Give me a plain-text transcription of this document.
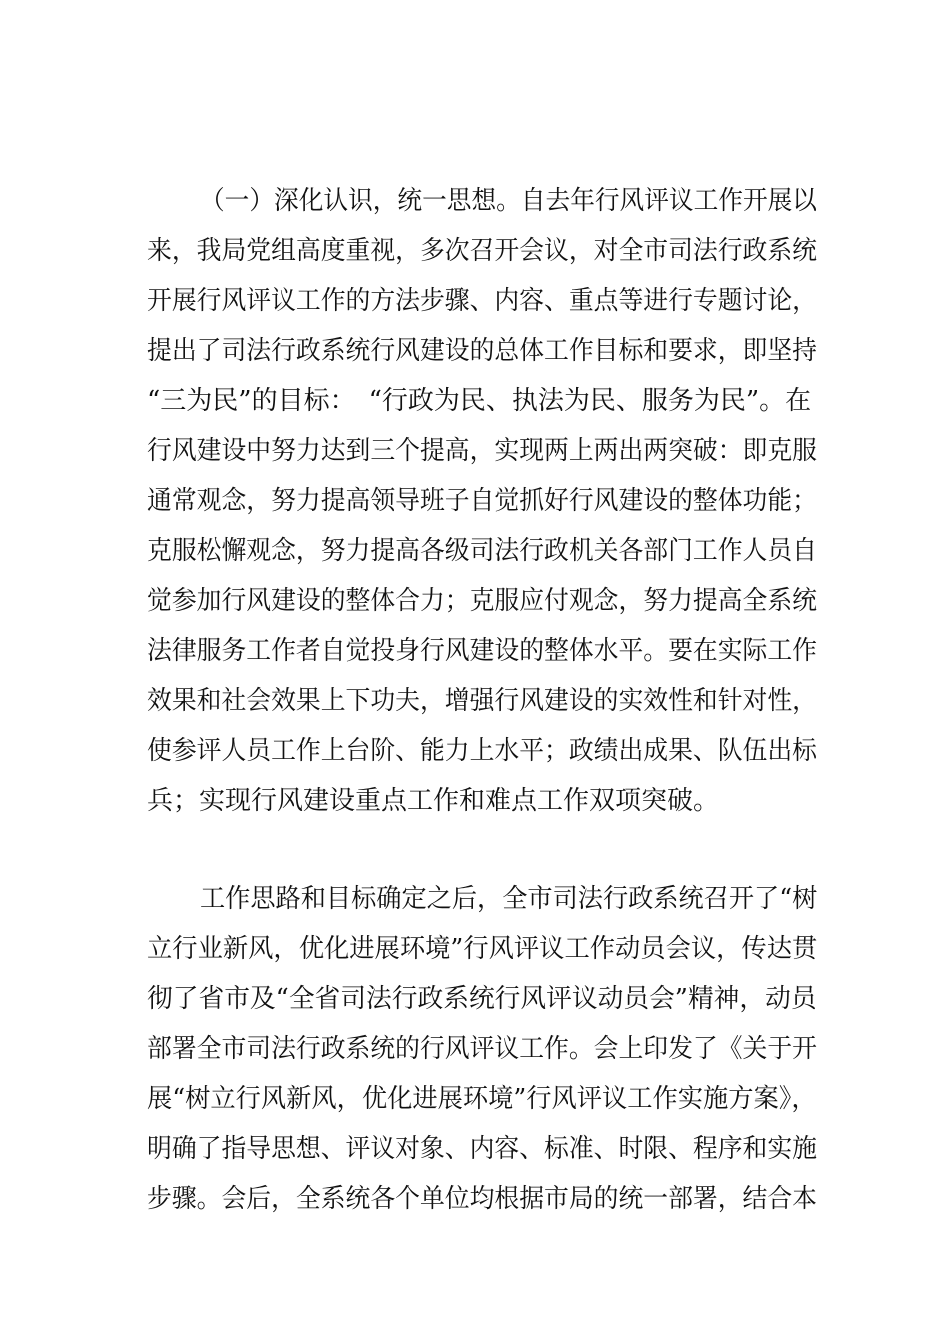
（一）深化认识，统一思想。自去年行风评议工作开展以
来，我局党组高度重视，多次召开会议，对全市司法行政系统
开展行风评议工作的方法步骤、内容、重点等进行专题讨论，
提出了司法行政系统行风建设的总体工作目标和要求，即坚持
“三为民”的目标：　“行政为民、执法为民、服务为民”。在
行风建设中努力达到三个提高，实现两上两出两突破：即克服
通常观念，努力提高领导班子自觉抓好行风建设的整体功能；
克服松懈观念，努力提高各级司法行政机关各部门工作人员自
觉参加行风建设的整体合力；克服应付观念，努力提高全系统
法律服务工作者自觉投身行风建设的整体水平。要在实际工作
效果和社会效果上下功夫，增强行风建设的实效性和针对性，
使参评人员工作上台阶、能力上水平；政绩出成果、队伍出标
兵；实现行风建设重点工作和难点工作双项突破。
工作思路和目标确定之后，全市司法行政系统召开了“树
立行业新风，优化进展环境”行风评议工作动员会议，传达贯
彻了省市及“全省司法行政系统行风评议动员会”精神，动员
部署全市司法行政系统的行风评议工作。会上印发了《关于开
展“树立行风新风，优化进展环境”行风评议工作实施方案》，
明确了指导思想、评议对象、内容、标准、时限、程序和实施
步骤。会后，全系统各个单位均根据市局的统一部署，结合本
